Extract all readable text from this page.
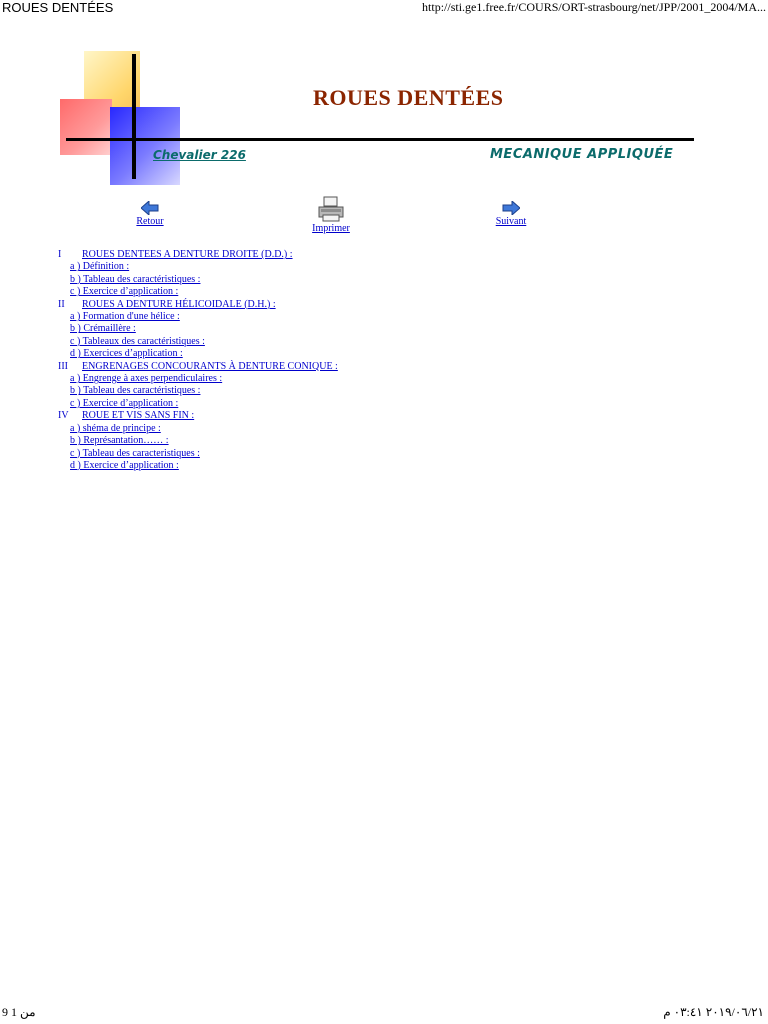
ROUES DENTÉES	http://sti.ge1.free.fr/COURS/ORT-strasbourg/net/JPP/2001_2004/MA...
ROUES DENTÉES
Chevalier 226	MECANIQUE APPLIQUÉE
Retour
Imprimer
Suivant
I ROUES DENTEES A DENTURE DROITE (D.D.) :
a ) Définition :
b ) Tableau des caractéristiques :
c ) Exercice d’application :
II ROUES A DENTURE HÉLICOIDALE (D.H.) :
a ) Formation d'une hélice :
b ) Crémaillère :
c ) Tableaux des caractéristiques :
d ) Exercices d’application :
III ENGRENAGES CONCOURANTS À DENTURE CONIQUE :
a ) Engrenge à axes perpendiculaires :
b ) Tableau des caractéristiques :
c ) Exercice d’application :
IV ROUE ET VIS SANS FIN :
a ) shéma de principe :
b ) Représantation…… :
c ) Tableau des caracteristiques :
d ) Exercice d’application :
من 1 9	٢٠١٩/٠٦/٢١ ٠٣:٤١ م
